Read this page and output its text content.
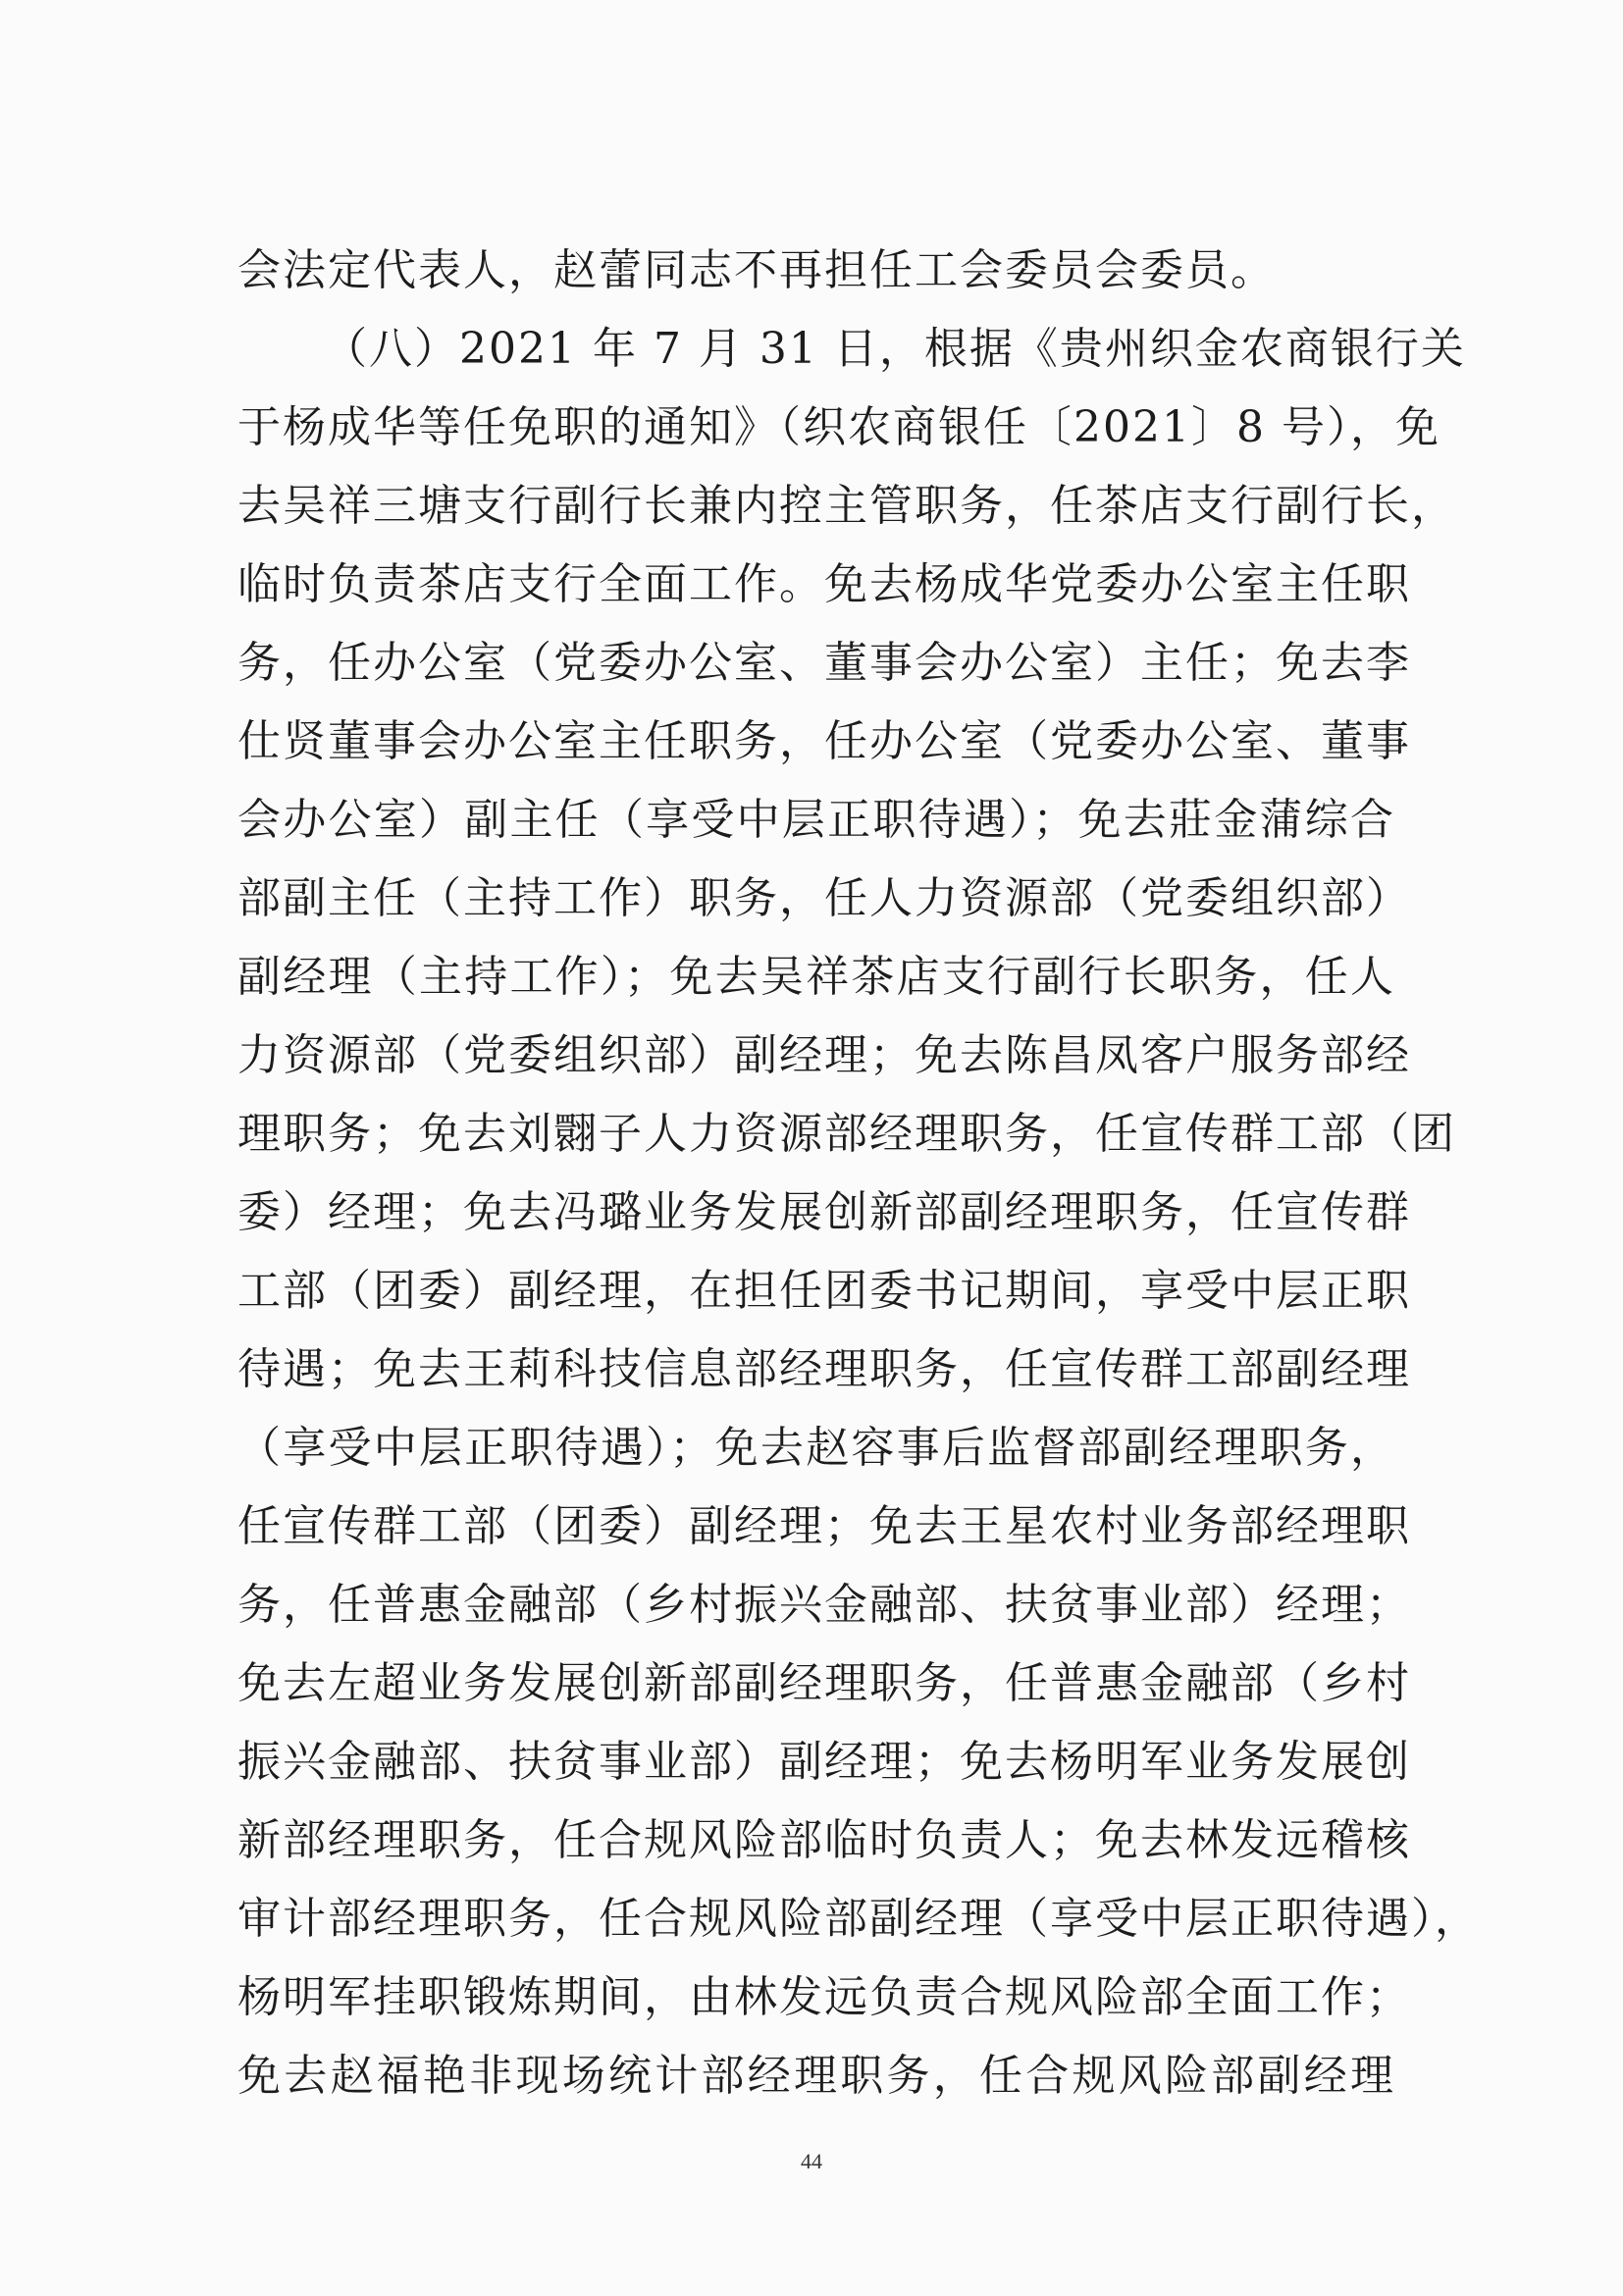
会法定代表人，赵蕾同志不再担任工会委员会委员。
（八）2021 年 7 月 31 日，根据《贵州织金农商银行关
于杨成华等任免职的通知》（织农商银任〔2021〕8 号），免
去吴祥三塘支行副行长兼内控主管职务，任茶店支行副行长，
临时负责茶店支行全面工作。免去杨成华党委办公室主任职
务，任办公室（党委办公室、董事会办公室）主任；免去李
仕贤董事会办公室主任职务，任办公室（党委办公室、董事
会办公室）副主任（享受中层正职待遇）；免去莊金蒲综合
部副主任（主持工作）职务，任人力资源部（党委组织部）
副经理（主持工作）；免去吴祥茶店支行副行长职务，任人
力资源部（党委组织部）副经理；免去陈昌凤客户服务部经
理职务；免去刘翾子人力资源部经理职务，任宣传群工部（团
委）经理；免去冯璐业务发展创新部副经理职务，任宣传群
工部（团委）副经理，在担任团委书记期间，享受中层正职
待遇；免去王莉科技信息部经理职务，任宣传群工部副经理
（享受中层正职待遇）；免去赵容事后监督部副经理职务，
任宣传群工部（团委）副经理；免去王星农村业务部经理职
务，任普惠金融部（乡村振兴金融部、扶贫事业部）经理；
免去左超业务发展创新部副经理职务，任普惠金融部（乡村
振兴金融部、扶贫事业部）副经理；免去杨明军业务发展创
新部经理职务，任合规风险部临时负责人；免去林发远稽核
审计部经理职务，任合规风险部副经理（享受中层正职待遇），
杨明军挂职锻炼期间，由林发远负责合规风险部全面工作；
免去赵福艳非现场统计部经理职务，任合规风险部副经理
44
